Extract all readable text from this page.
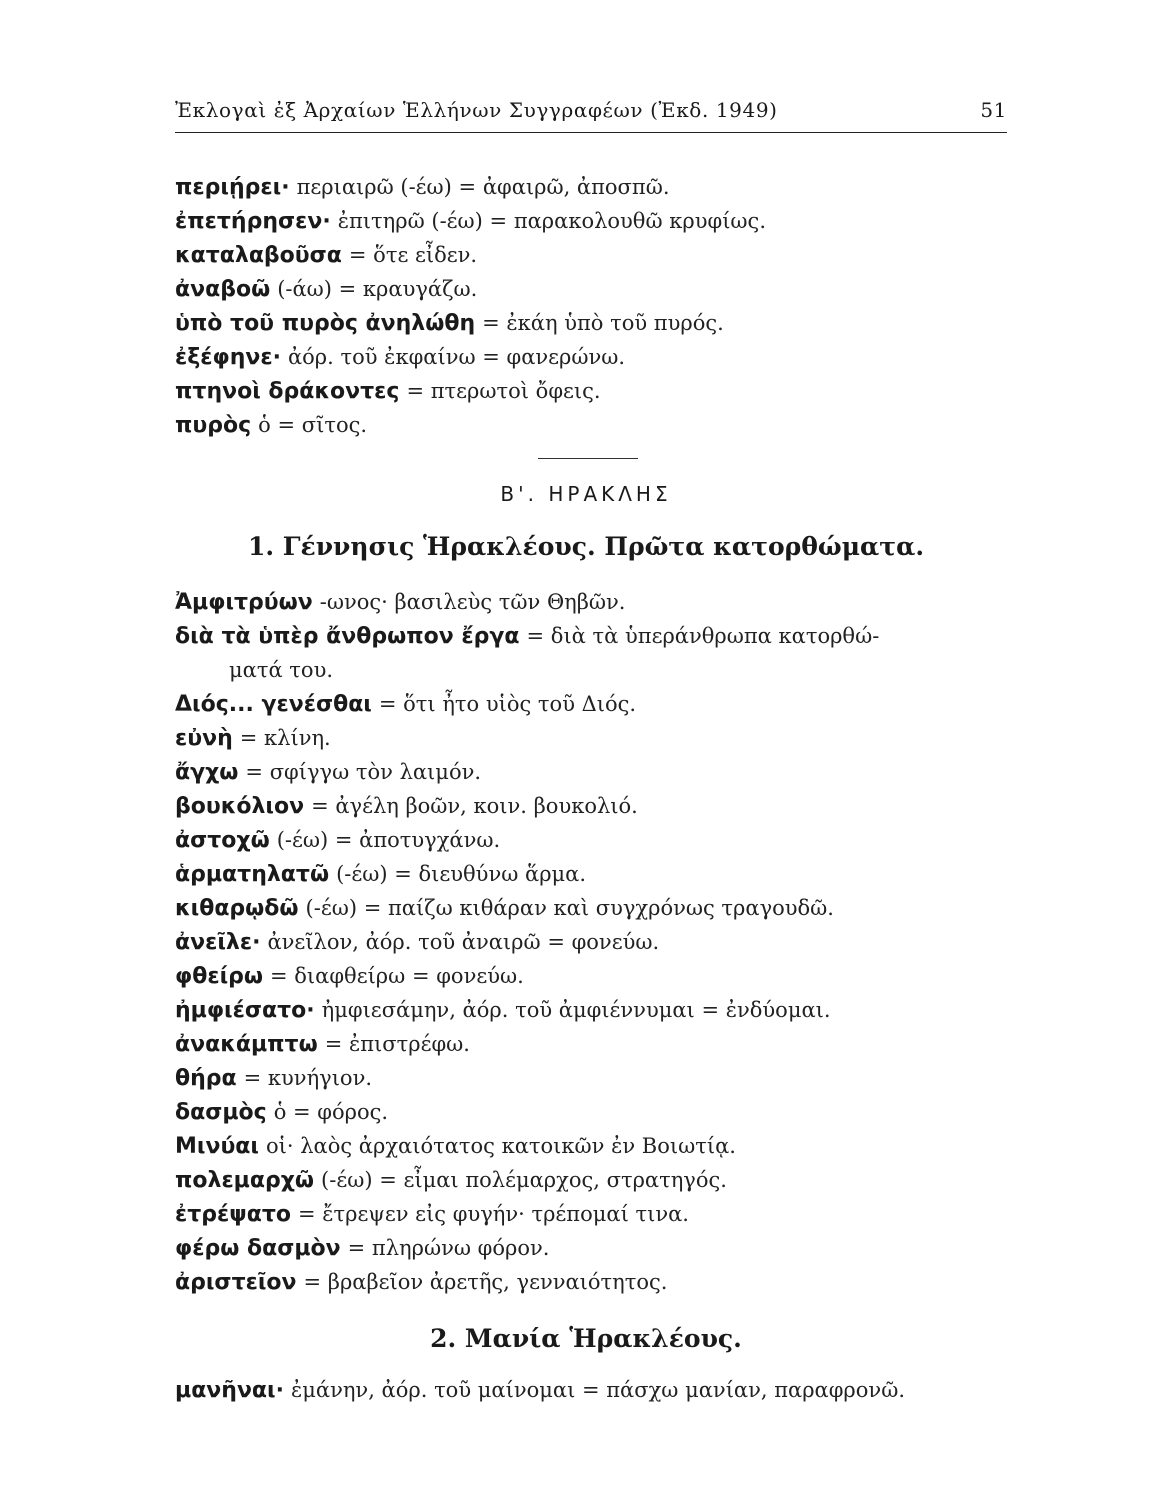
Ἐκλογαὶ ἐξ Ἀρχαίων Ἑλλήνων Συγγραφέων (Ἐκδ. 1949)	51
περιῄρει· περιαιρῶ (-έω) = ἀφαιρῶ, ἀποσπῶ.
ἐπετήρησεν· ἐπιτηρῶ (-έω) = παρακολουθῶ κρυφίως.
καταλαβοῦσα = ὅτε εἶδεν.
ἀναβοῶ (-άω) = κραυγάζω.
ὑπὸ τοῦ πυρὸς ἀνηλώθη = ἐκάη ὑπὸ τοῦ πυρός.
ἐξέφηνε· ἀόρ. τοῦ ἐκφαίνω = φανερώνω.
πτηνοὶ δράκοντες = πτερωτοὶ ὄφεις.
πυρὸς ὁ = σῖτος.
Β'. ΗΡΑΚΛΗΣ
1. Γέννησις Ἡρακλέους. Πρῶτα κατορθώματα.
Ἀμφιτρύων -ωνος· βασιλεὺς τῶν Θηβῶν.
διὰ τὰ ὑπὲρ ἄνθρωπον ἔργα = διὰ τὰ ὑπεράνθρωπα κατορθώ-
ματά του.
Διός... γενέσθαι = ὅτι ἦτο υἱὸς τοῦ Διός.
εὐνὴ = κλίνη.
ἄγχω = σφίγγω τὸν λαιμόν.
βουκόλιον = ἀγέλη βοῶν, κοιν. βουκολιό.
ἀστοχῶ (-έω) = ἀποτυγχάνω.
ἁρματηλατῶ (-έω) = διευθύνω ἅρμα.
κιθαρῳδῶ (-έω) = παίζω κιθάραν καὶ συγχρόνως τραγουδῶ.
ἀνεῖλε· ἀνεῖλον, ἀόρ. τοῦ ἀναιρῶ = φονεύω.
φθείρω = διαφθείρω = φονεύω.
ἠμφιέσατο· ἠμφιεσάμην, ἀόρ. τοῦ ἀμφιέννυμαι = ἐνδύομαι.
ἀνακάμπτω = ἐπιστρέφω.
θήρα = κυνήγιον.
δασμὸς ὁ = φόρος.
Μινύαι οἱ· λαὸς ἀρχαιότατος κατοικῶν ἐν Βοιωτίᾳ.
πολεμαρχῶ (-έω) = εἶμαι πολέμαρχος, στρατηγός.
ἐτρέψατο = ἔτρεψεν εἰς φυγήν· τρέπομαί τινα.
φέρω δασμὸν = πληρώνω φόρον.
ἀριστεῖον = βραβεῖον ἀρετῆς, γενναιότητος.
2. Μανία Ἡρακλέους.
μανῆναι· ἐμάνην, ἀόρ. τοῦ μαίνομαι = πάσχω μανίαν, παραφρονῶ.
